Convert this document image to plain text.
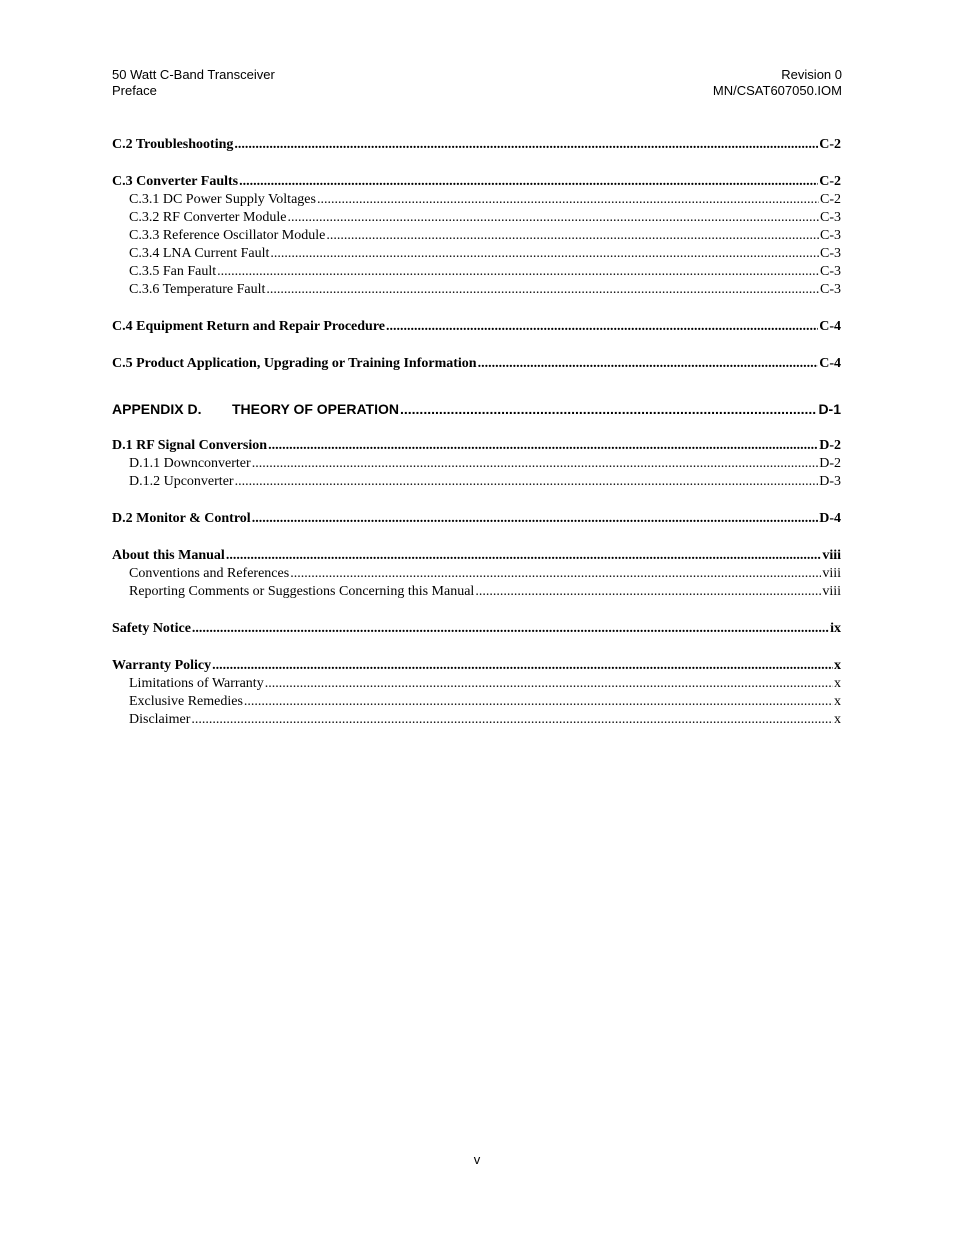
50 Watt C-Band Transceiver
Preface
Revision 0
MN/CSAT607050.IOM
C.2 Troubleshooting .....	C-2
C.3 Converter Faults .....	C-2
C.3.1 DC Power Supply Voltages .....	C-2
C.3.2 RF Converter Module .....	C-3
C.3.3 Reference Oscillator Module .....	C-3
C.3.4 LNA Current Fault .....	C-3
C.3.5 Fan Fault .....	C-3
C.3.6 Temperature Fault .....	C-3
C.4 Equipment Return and Repair Procedure .....	C-4
C.5 Product Application, Upgrading or Training Information .....	C-4
APPENDIX D. THEORY OF OPERATION .....	D-1
D.1 RF Signal Conversion .....	D-2
D.1.1 Downconverter .....	D-2
D.1.2 Upconverter .....	D-3
D.2 Monitor & Control .....	D-4
About this Manual .....	viii
Conventions and References .....	viii
Reporting Comments or Suggestions Concerning this Manual .....	viii
Safety Notice .....	ix
Warranty Policy .....	x
Limitations of Warranty .....	x
Exclusive Remedies .....	x
Disclaimer .....	x
v
